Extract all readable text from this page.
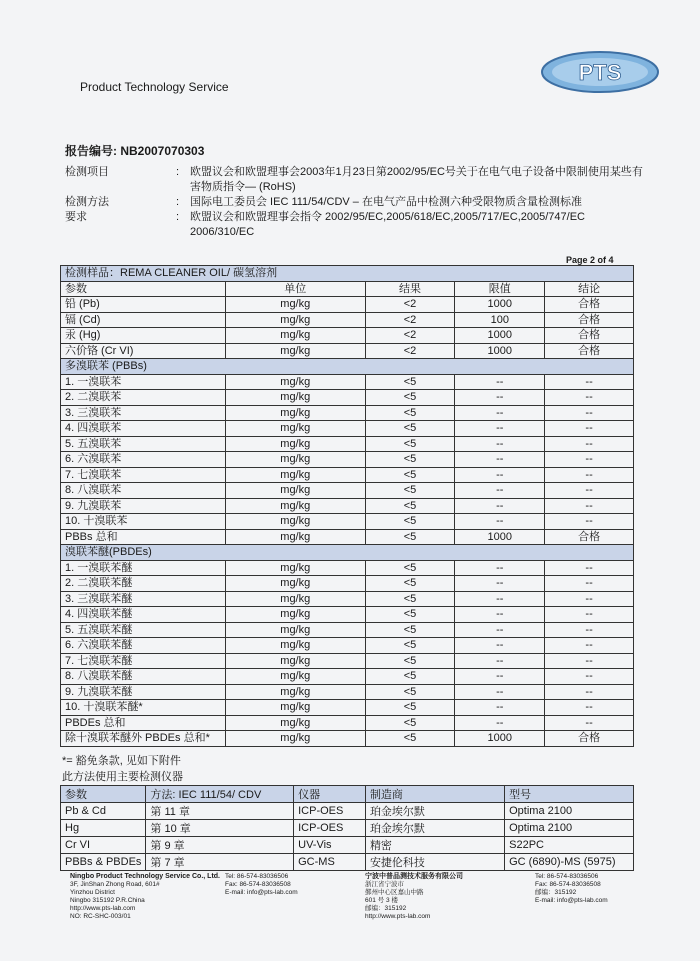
Product Technology Service
PTS
报告编号: NB2007070303
检测项目	: 欧盟议会和欧盟理事会2003年1月23日第2002/95/EC号关于在电气电子设备中限制使用某些有害物质指令— (RoHS)
检测方法	: 国际电工委员会 IEC 111/54/CDV – 在电气产品中检测六种受限物质含量检测标准
要求	: 欧盟议会和欧盟理事会指令 2002/95/EC,2005/618/EC,2005/717/EC,2005/747/EC 2006/310/EC
Page 2 of 4
检测样品：REMA CLEANER OIL/ 碳氢溶剂				
参数	单位	结果	限值	结论
铅 (Pb)	mg/kg	<2	1000	合格
镉 (Cd)	mg/kg	<2	100	合格
汞 (Hg)	mg/kg	<2	1000	合格
六价铬 (Cr VI)	mg/kg	<2	1000	合格
多溴联苯 (PBBs)				
1. 一溴联苯	mg/kg	<5	--	--
2. 二溴联苯	mg/kg	<5	--	--
3. 三溴联苯	mg/kg	<5	--	--
4. 四溴联苯	mg/kg	<5	--	--
5. 五溴联苯	mg/kg	<5	--	--
6. 六溴联苯	mg/kg	<5	--	--
7. 七溴联苯	mg/kg	<5	--	--
8. 八溴联苯	mg/kg	<5	--	--
9. 九溴联苯	mg/kg	<5	--	--
10. 十溴联苯	mg/kg	<5	--	--
PBBs 总和	mg/kg	<5	1000	合格
溴联苯醚(PBDEs)				
1. 一溴联苯醚	mg/kg	<5	--	--
2. 二溴联苯醚	mg/kg	<5	--	--
3. 三溴联苯醚	mg/kg	<5	--	--
4. 四溴联苯醚	mg/kg	<5	--	--
5. 五溴联苯醚	mg/kg	<5	--	--
6. 六溴联苯醚	mg/kg	<5	--	--
7. 七溴联苯醚	mg/kg	<5	--	--
8. 八溴联苯醚	mg/kg	<5	--	--
9. 九溴联苯醚	mg/kg	<5	--	--
10. 十溴联苯醚*	mg/kg	<5	--	--
PBDEs 总和	mg/kg	<5	--	--
除十溴联苯醚外 PBDEs 总和*	mg/kg	<5	1000	合格
*= 豁免条款, 见如下附件
此方法使用主要检测仪器
参数	方法: IEC 111/54/ CDV	仪器	制造商	型号
Pb & Cd	第 11 章	ICP-OES	珀金埃尔默	Optima 2100
Hg	第 10 章	ICP-OES	珀金埃尔默	Optima 2100
Cr VI	第 9 章	UV-Vis	精密	S22PC
PBBs & PBDEs	第 7 章	GC-MS	安捷伦科技	GC (6890)-MS (5975)
Ningbo Product Technology Service Co., Ltd.
3F, JinShan Zhong Road, 601#
Yinzhou District
Ningbo 315192 P.R.China
http://www.pts-lab.com
NO: RC-SHC-003/01
Tel: 86-574-83036506
Fax: 86-574-83036508
E-mail: info@pts-lab.com
宁波中普品测技术服务有限公司
浙江省宁波市
鄞州中心区嘉山中路
601 号 3 楼
邮编：315192
http://www.pts-lab.com
Tel: 86-574-83036506
Fax: 86-574-83036508
邮编：315192
E-mail: info@pts-lab.com
